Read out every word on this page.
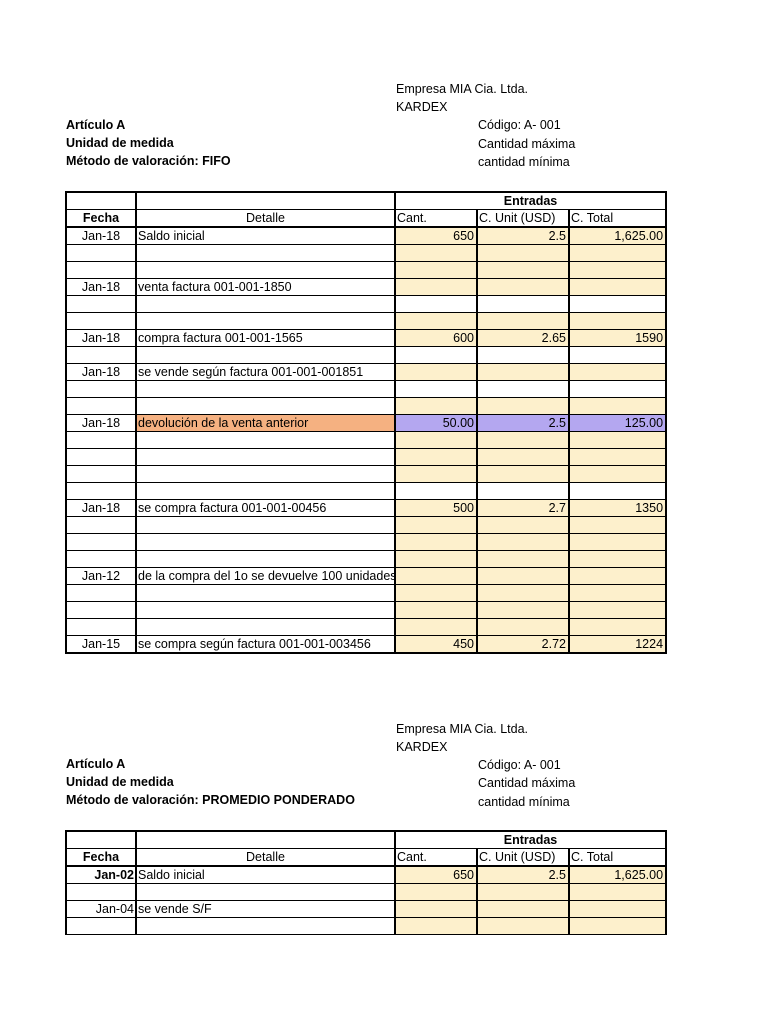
Empresa MIA Cia. Ltda.
KARDEX
Artículo A
Unidad de medida
Método de valoración: FIFO
Código: A- 001
Cantidad máxima
cantidad mínima
		Entradas		
Fecha	Detalle	Cant.	C. Unit (USD)	C. Total
Jan-18	Saldo inicial	650	2.5	1,625.00

Jan-18	venta factura 001-001-1850			

Jan-18	compra factura 001-001-1565	600	2.65	1590

Jan-18	se vende según factura 001-001-001851			

Jan-18	devolución de la venta anterior	50.00	2.5	125.00

Jan-18	se compra factura 001-001-00456	500	2.7	1350

Jan-12	de la compra del 1o se devuelve 100 unidades			

Jan-15	se compra según factura 001-001-003456	450	2.72	1224
Empresa MIA Cia. Ltda.
KARDEX
Artículo A
Unidad de medida
Método de valoración: PROMEDIO PONDERADO
Código: A- 001
Cantidad máxima
cantidad mínima
		Entradas		
Fecha	Detalle	Cant.	C. Unit (USD)	C. Total
Jan-02	Saldo inicial	650	2.5	1,625.00

Jan-04	se vende S/F			
